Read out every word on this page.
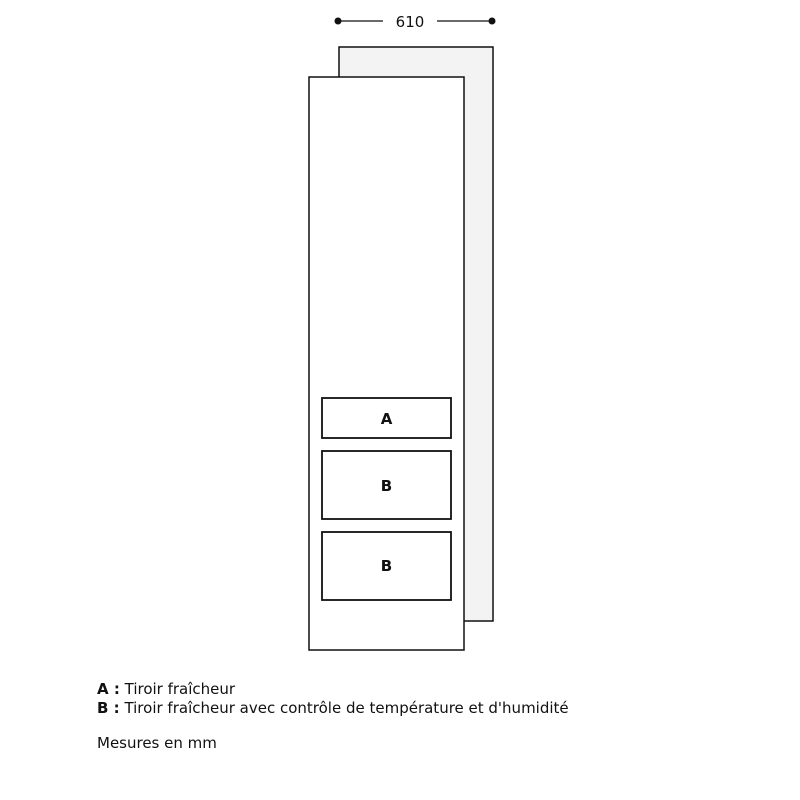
610
A
B
B
A : Tiroir fraîcheur
B : Tiroir fraîcheur avec contrôle de température et d'humidité
Mesures en mm
